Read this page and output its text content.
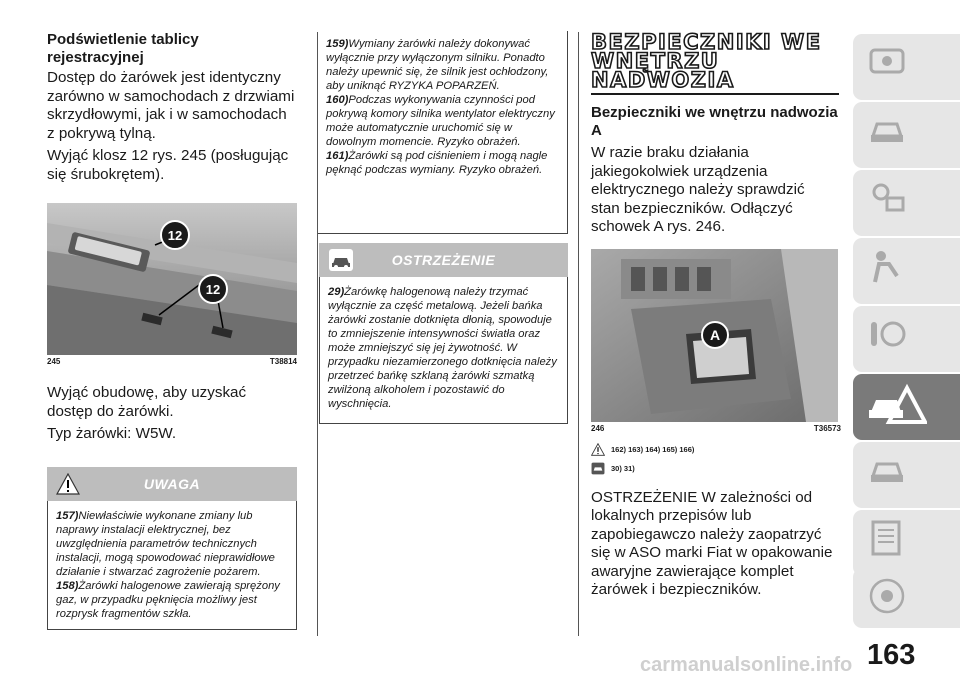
Podświetlenie tablicy rejestracyjnej

Dostęp do żarówek jest identyczny zarówno w samochodach z drzwiami skrzydłowymi, jak i w samochodach z pokrywą tylną.

Wyjąć klosz 12 rys. 245 (posługując się śrubokrętem).

12
12
245	T38814

Wyjąć obudowę, aby uzyskać dostęp do żarówki.

Typ żarówki: W5W.

UWAGA
157)Niewłaściwie wykonane zmiany lub naprawy instalacji elektrycznej, bez uwzględnienia parametrów technicznych instalacji, mogą spowodować nieprawidłowe działanie i stwarzać zagrożenie pożarem.
158)Żarówki halogenowe zawierają sprężony gaz, w przypadku pęknięcia możliwy jest rozprysk fragmentów szkła.
159)Wymiany żarówki należy dokonywać wyłącznie przy wyłączonym silniku. Ponadto należy upewnić się, że silnik jest ochłodzony, aby uniknąć RYZYKA POPARZEŃ.
160)Podczas wykonywania czynności pod pokrywą komory silnika wentylator elektryczny może automatycznie uruchomić się w dowolnym momencie. Ryzyko obrażeń.
161)Żarówki są pod ciśnieniem i mogą nagle pęknąć podczas wymiany. Ryzyko obrażeń.
OSTRZEŻENIE
29)Żarówkę halogenową należy trzymać wyłącznie za część metalową. Jeżeli bańka żarówki zostanie dotknięta dłonią, spowoduje to zmniejszenie intensywności światła oraz może zmniejszyć się jej żywotność. W przypadku niezamierzonego dotknięcia należy przetrzeć bańkę szklaną żarówki szmatką zwilżoną alkoholem i pozostawić do wyschnięcia.
BEZPIECZNIKI WE
WNĘTRZU
NADWOZIA
Bezpieczniki we wnętrzu nadwozia
A

W razie braku działania jakiegokolwiek urządzenia elektrycznego należy sprawdzić stan bezpieczników. Odłączyć schowek A rys. 246.

A
246	T36573
162) 163) 164) 165) 166)
30) 31)

OSTRZEŻENIE W zależności od lokalnych przepisów lub zapobiegawczo należy zaopatrzyć się w ASO marki Fiat w opakowanie awaryjne zawierające komplet żarówek i bezpieczników.

163
carmanualsonline.info
